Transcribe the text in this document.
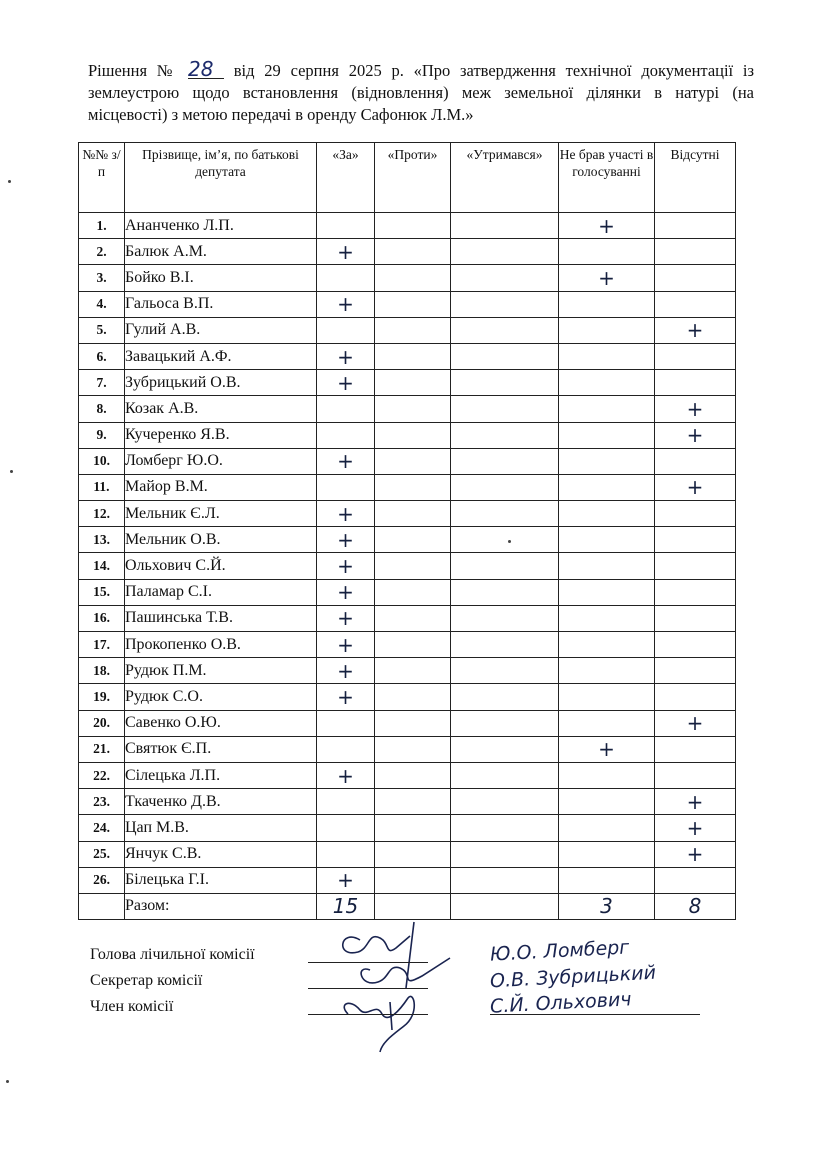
Рішення № 28 від 29 серпня 2025 р. «Про затвердження технічної документації із землеустрою щодо встановлення (відновлення) меж земельної ділянки в натурі (на місцевості) з метою передачі в оренду Сафонюк Л.М.»
№№ з/п	Прізвище, ім’я, по батькові депутата	«За»	«Проти»	«Утримався»	Не брав участі в голосуванні	Відсутні
1.	Ананченко Л.П.				+	
2.	Балюк А.М.	+				
3.	Бойко В.І.				+	
4.	Гальоса В.П.	+				
5.	Гулий А.В.					+
6.	Завацький А.Ф.	+				
7.	Зубрицький О.В.	+				
8.	Козак А.В.					+
9.	Кучеренко Я.В.					+
10.	Ломберг Ю.О.	+				
11.	Майор В.М.					+
12.	Мельник Є.Л.	+				
13.	Мельник О.В.	+				
14.	Ольхович С.Й.	+				
15.	Паламар С.І.	+				
16.	Пашинська Т.В.	+				
17.	Прокопенко О.В.	+				
18.	Рудюк П.М.	+				
19.	Рудюк С.О.	+				
20.	Савенко О.Ю.					+
21.	Святюк Є.П.				+	
22.	Сілецька Л.П.	+				
23.	Ткаченко Д.В.					+
24.	Цап М.В.					+
25.	Янчук С.В.					+
26.	Білецька Г.І.	+				
	Разом:	15			3	8
Голова лічильної комісії	Ю.О. Ломберг
Секретар комісії	О.В. Зубрицький
Член комісії	С.Й. Ольхович
